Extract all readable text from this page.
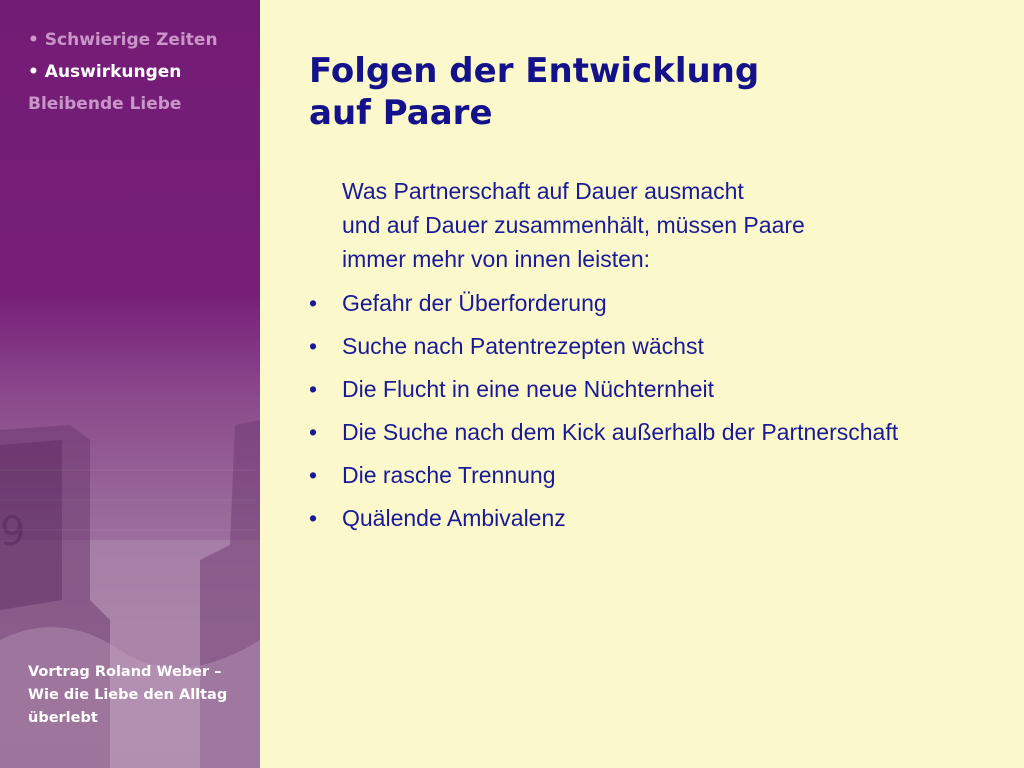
9
• Schwierige Zeiten
• Auswirkungen
Bleibende Liebe
Vortrag Roland Weber –
Wie die Liebe den Alltag
überlebt
Folgen der Entwicklung
auf Paare
Was Partnerschaft auf Dauer ausmacht
und auf Dauer zusammenhält, müssen Paare
immer mehr von innen leisten:
• Gefahr der Überforderung
• Suche nach Patentrezepten wächst
• Die Flucht in eine neue Nüchternheit
• Die Suche nach dem Kick außerhalb der Partnerschaft
• Die rasche Trennung
• Quälende Ambivalenz
